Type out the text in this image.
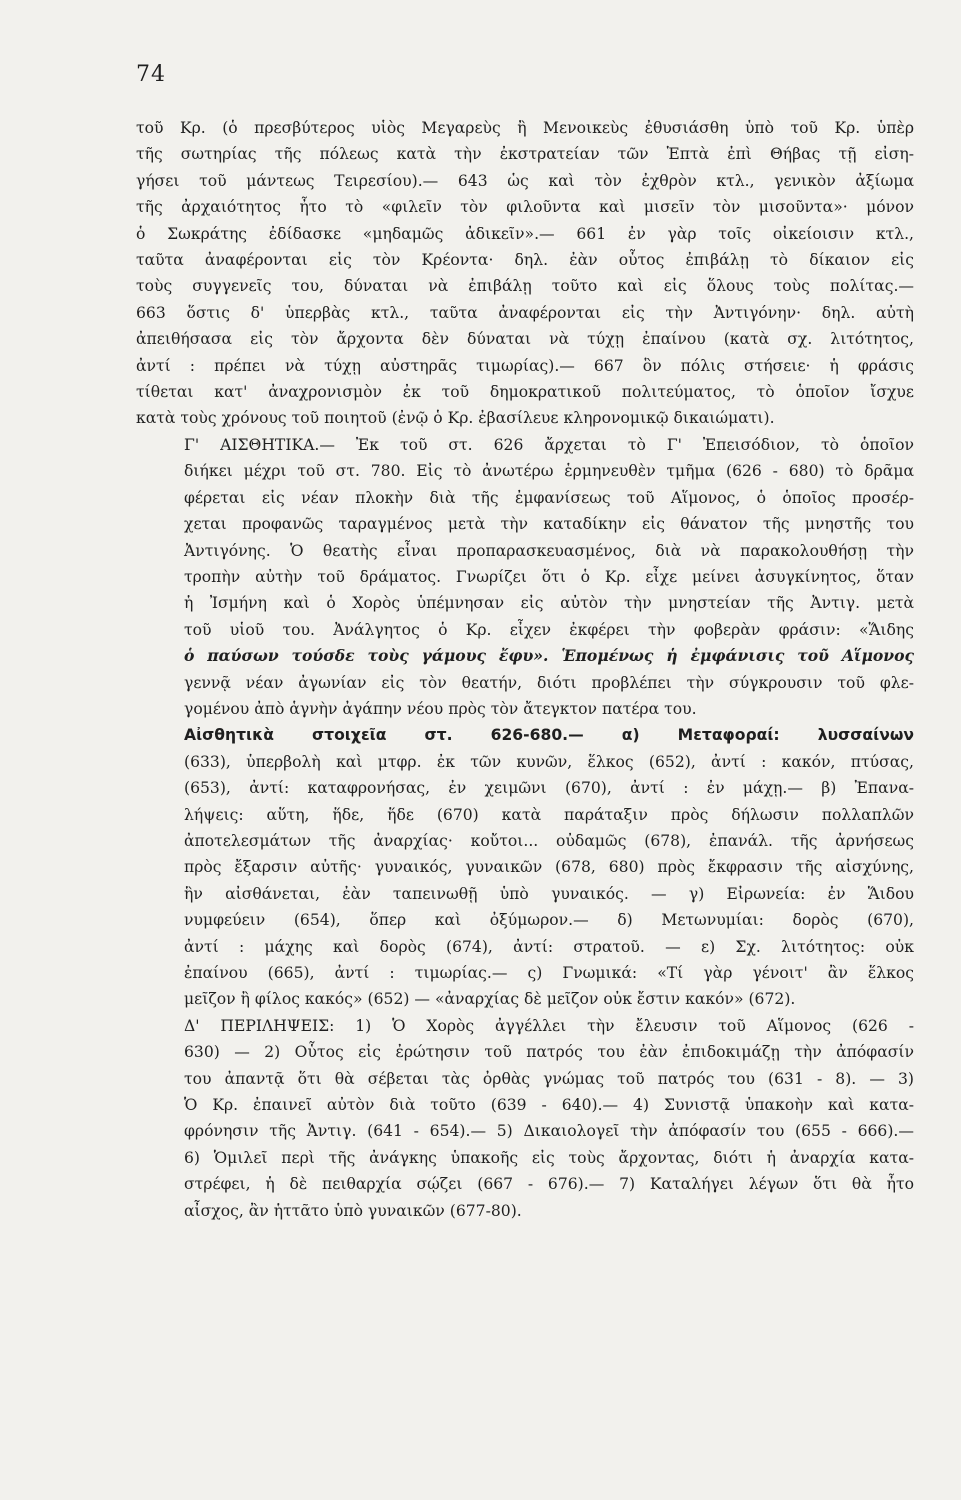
74

τοῦ Κρ. (ὁ πρεσβύτερος υἱὸς Μεγαρεὺς ἢ Μενοικεὺς ἐθυσιάσθη ὑπὸ τοῦ Κρ. ὑπὲρ
τῆς σωτηρίας τῆς πόλεως κατὰ τὴν ἐκστρατείαν τῶν Ἑπτὰ ἐπὶ Θήβας τῇ εἰση-
γήσει τοῦ μάντεως Τειρεσίου).— 643 ὡς καὶ τὸν ἐχθρὸν κτλ., γενικὸν ἀξίωμα
τῆς ἀρχαιότητος ἦτο τὸ «φιλεῖν τὸν φιλοῦντα καὶ μισεῖν τὸν μισοῦντα»· μόνον
ὁ Σωκράτης ἐδίδασκε «μηδαμῶς ἀδικεῖν».— 661 ἐν γὰρ τοῖς οἰκείοισιν κτλ.,
ταῦτα ἀναφέρονται εἰς τὸν Κρέοντα· δηλ. ἐὰν οὗτος ἐπιβάλῃ τὸ δίκαιον εἰς
τοὺς συγγενεῖς του, δύναται νὰ ἐπιβάλῃ τοῦτο καὶ εἰς ὅλους τοὺς πολίτας.—
663 ὅστις δ' ὑπερβὰς κτλ., ταῦτα ἀναφέρονται εἰς τὴν Ἀντιγόνην· δηλ. αὐτὴ
ἀπειθήσασα εἰς τὸν ἄρχοντα δὲν δύναται νὰ τύχῃ ἐπαίνου (κατὰ σχ. λιτότητος,
ἀντί : πρέπει νὰ τύχῃ αὐστηρᾶς τιμωρίας).— 667 ὃν πόλις στήσειε· ἡ φράσις
τίθεται κατ' ἀναχρονισμὸν ἐκ τοῦ δημοκρατικοῦ πολιτεύματος, τὸ ὁποῖον ἴσχυε
κατὰ τοὺς χρόνους τοῦ ποιητοῦ (ἐνῷ ὁ Κρ. ἐβασίλευε κληρονομικῷ δικαιώματι).

Γ' ΑΙΣΘΗΤΙΚΑ.— Ἐκ τοῦ στ. 626 ἄρχεται τὸ Γ' Ἐπεισόδιον, τὸ ὁποῖον
διήκει μέχρι τοῦ στ. 780. Εἰς τὸ ἀνωτέρω ἑρμηνευθὲν τμῆμα (626 - 680) τὸ δρᾶμα
φέρεται εἰς νέαν πλοκὴν διὰ τῆς ἐμφανίσεως τοῦ Αἵμονος, ὁ ὁποῖος προσέρ-
χεται προφανῶς ταραγμένος μετὰ τὴν καταδίκην εἰς θάνατον τῆς μνηστῆς του
Ἀντιγόνης. Ὁ θεατὴς εἶναι προπαρασκευασμένος, διὰ νὰ παρακολουθήσῃ τὴν
τροπὴν αὐτὴν τοῦ δράματος. Γνωρίζει ὅτι ὁ Κρ. εἶχε μείνει ἀσυγκίνητος, ὅταν
ἡ Ἰσμήνη καὶ ὁ Χορὸς ὑπέμνησαν εἰς αὐτὸν τὴν μνηστείαν τῆς Ἀντιγ. μετὰ
τοῦ υἱοῦ του. Ἀνάλγητος ὁ Κρ. εἶχεν ἐκφέρει τὴν φοβερὰν φράσιν: «Ἅιδης
ὁ παύσων τούσδε τοὺς γάμους ἔφυ». Ἑπομένως ἡ ἐμφάνισις τοῦ Αἵμονος
γεννᾷ νέαν ἀγωνίαν εἰς τὸν θεατήν, διότι προβλέπει τὴν σύγκρουσιν τοῦ φλε-
γομένου ἀπὸ ἁγνὴν ἀγάπην νέου πρὸς τὸν ἄτεγκτον πατέρα του.

Αἰσθητικὰ στοιχεῖα στ. 626-680.— α) Μεταφοραί: λυσσαίνων
(633), ὑπερβολὴ καὶ μτφρ. ἐκ τῶν κυνῶν, ἕλκος (652), ἀντί : κακόν, πτύσας,
(653), ἀντί: καταφρονήσας, ἐν χειμῶνι (670), ἀντί : ἐν μάχῃ.— β) Ἐπανα-
λήψεις: αὕτη, ἥδε, ἥδε (670) κατὰ παράταξιν πρὸς δήλωσιν πολλαπλῶν
ἀποτελεσμάτων τῆς ἀναρχίας· κοὔτοι... οὐδαμῶς (678), ἐπανάλ. τῆς ἀρνήσεως
πρὸς ἔξαρσιν αὐτῆς· γυναικός, γυναικῶν (678, 680) πρὸς ἔκφρασιν τῆς αἰσχύνης,
ἣν αἰσθάνεται, ἐὰν ταπεινωθῇ ὑπὸ γυναικός. — γ) Εἰρωνεία: ἐν Ἅιδου
νυμφεύειν (654), ὅπερ καὶ ὀξύμωρον.— δ) Μετωνυμίαι: δορὸς (670),
ἀντί : μάχης καὶ δορὸς (674), ἀντί: στρατοῦ. — ε) Σχ. λιτότητος: οὐκ
ἐπαίνου (665), ἀντί : τιμωρίας.— ς) Γνωμικά: «Τί γὰρ γένοιτ' ἂν ἕλκος
μεῖζον ἢ φίλος κακός» (652) — «ἀναρχίας δὲ μεῖζον οὐκ ἔστιν κακόν» (672).

Δ' ΠΕΡΙΛΗΨΕΙΣ: 1) Ὁ Χορὸς ἀγγέλλει τὴν ἔλευσιν τοῦ Αἵμονος (626 -
630) — 2) Οὗτος εἰς ἐρώτησιν τοῦ πατρός του ἐὰν ἐπιδοκιμάζῃ τὴν ἀπόφασίν
του ἀπαντᾷ ὅτι θὰ σέβεται τὰς ὀρθὰς γνώμας τοῦ πατρός του (631 - 8). — 3)
Ὁ Κρ. ἐπαινεῖ αὐτὸν διὰ τοῦτο (639 - 640).— 4) Συνιστᾷ ὑπακοὴν καὶ κατα-
φρόνησιν τῆς Ἀντιγ. (641 - 654).— 5) Δικαιολογεῖ τὴν ἀπόφασίν του (655 - 666).—
6) Ὁμιλεῖ περὶ τῆς ἀνάγκης ὑπακοῆς εἰς τοὺς ἄρχοντας, διότι ἡ ἀναρχία κατα-
στρέφει, ἡ δὲ πειθαρχία σῴζει (667 - 676).— 7) Καταλήγει λέγων ὅτι θὰ ἦτο
αἶσχος, ἂν ἡττᾶτο ὑπὸ γυναικῶν (677-80).
